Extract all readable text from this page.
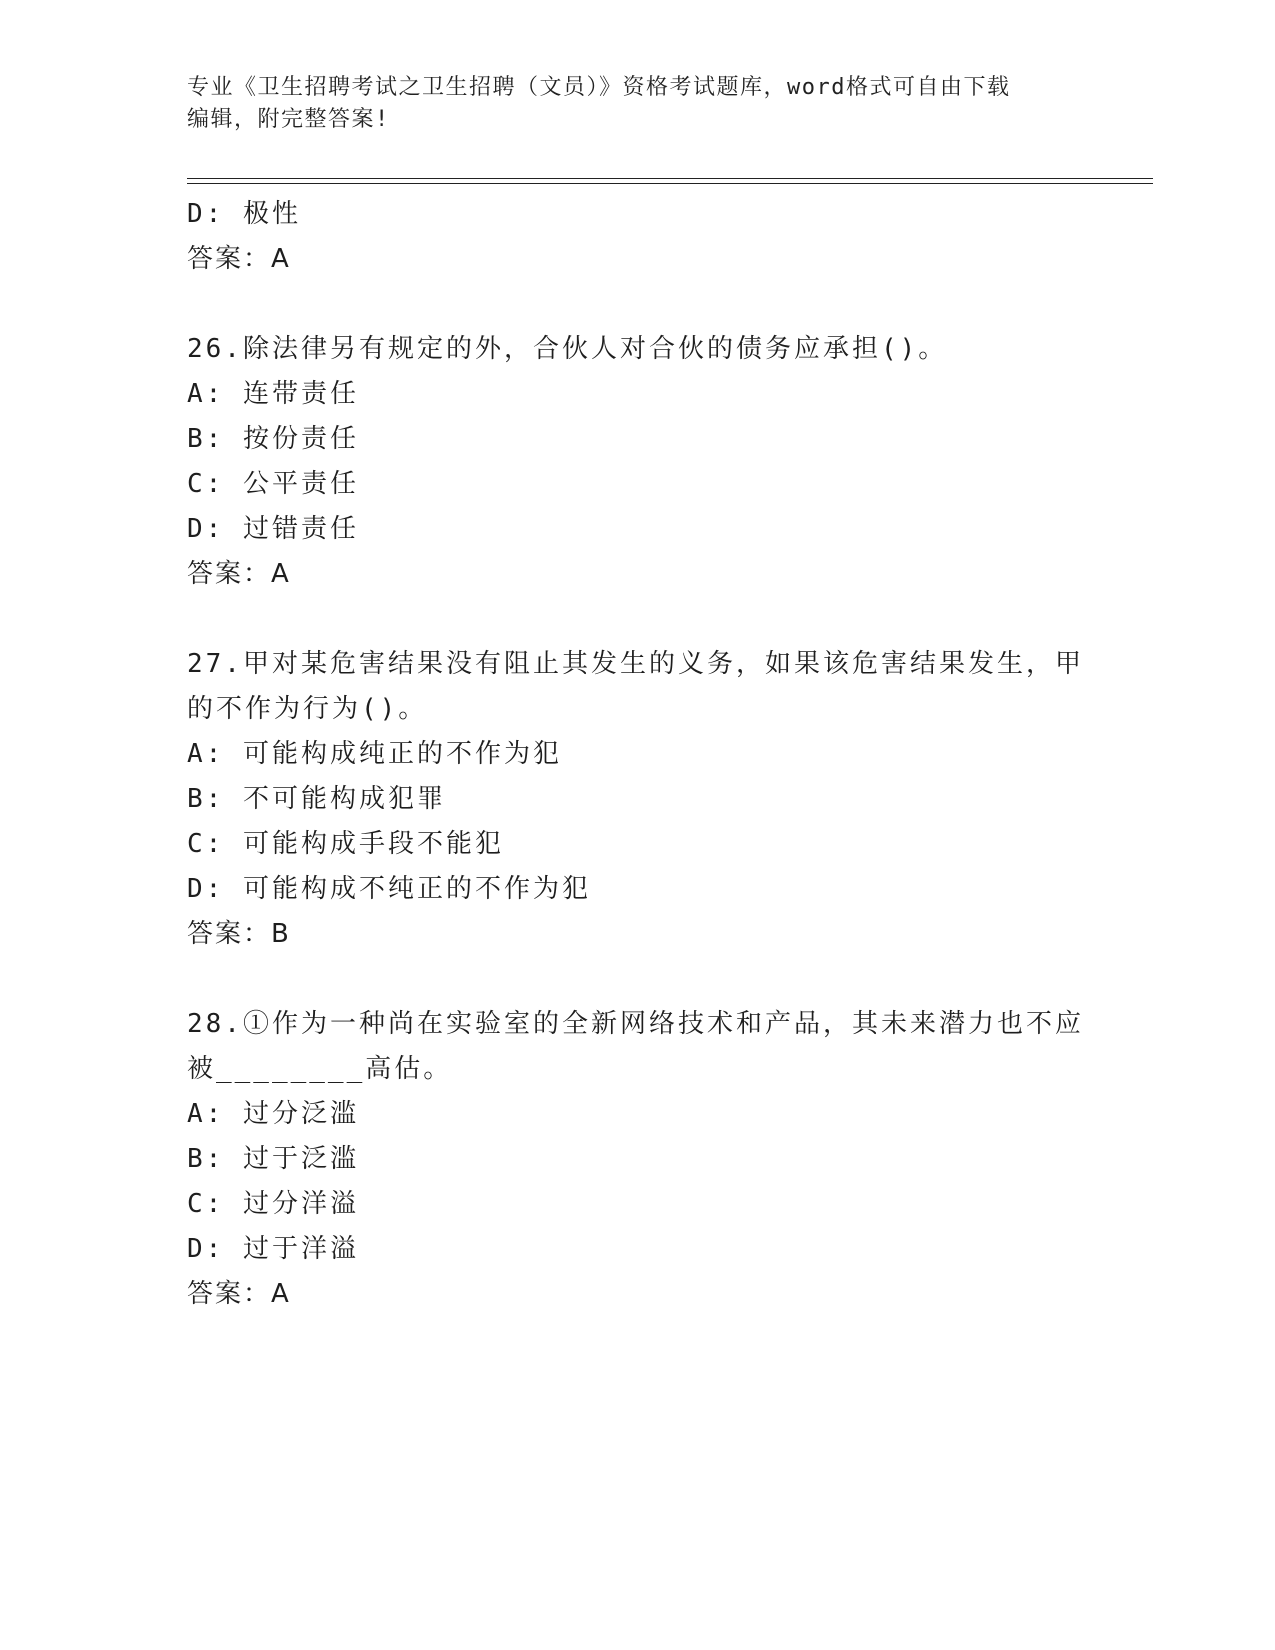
专业《卫生招聘考试之卫生招聘（文员）》资格考试题库，word格式可自由下载
编辑，附完整答案!
D: 极性
答案：A
26.除法律另有规定的外，合伙人对合伙的债务应承担()。
A: 连带责任
B: 按份责任
C: 公平责任
D: 过错责任
答案：A
27.甲对某危害结果没有阻止其发生的义务，如果该危害结果发生，甲
的不作为行为()。
A: 可能构成纯正的不作为犯
B: 不可能构成犯罪
C: 可能构成手段不能犯
D: 可能构成不纯正的不作为犯
答案：B
28.①作为一种尚在实验室的全新网络技术和产品，其未来潜力也不应
被________高估。
A: 过分泛滥
B: 过于泛滥
C: 过分洋溢
D: 过于洋溢
答案：A
